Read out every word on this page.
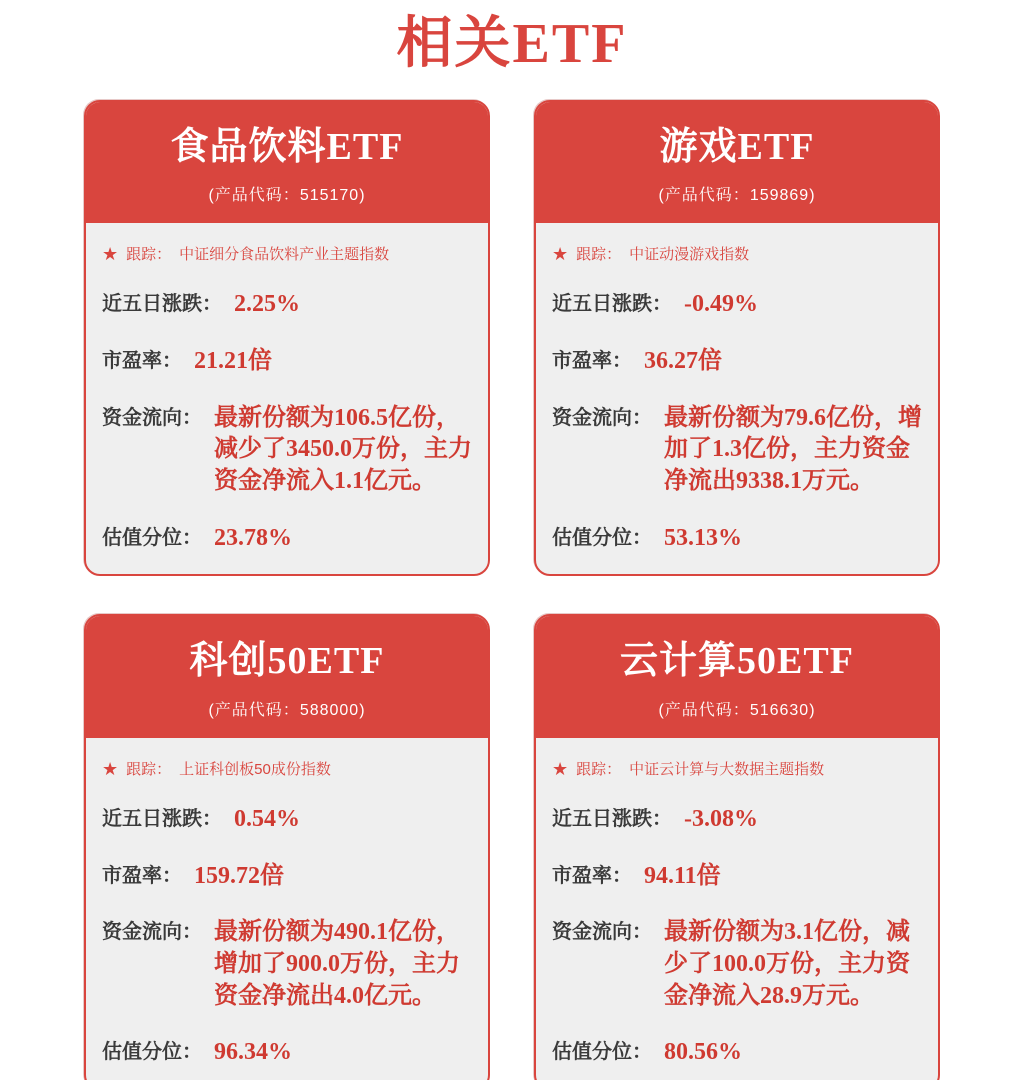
相关ETF
食品饮料ETF
(产品代码：515170)
★ 跟踪： 中证细分食品饮料产业主题指数
近五日涨跌： 2.25%
市盈率： 21.21倍
资金流向： 最新份额为106.5亿份，减少了3450.0万份，主力资金净流入1.1亿元。
估值分位： 23.78%
游戏ETF
(产品代码：159869)
★ 跟踪： 中证动漫游戏指数
近五日涨跌： -0.49%
市盈率： 36.27倍
资金流向： 最新份额为79.6亿份，增加了1.3亿份，主力资金净流出9338.1万元。
估值分位： 53.13%
科创50ETF
(产品代码：588000)
★ 跟踪： 上证科创板50成份指数
近五日涨跌： 0.54%
市盈率： 159.72倍
资金流向： 最新份额为490.1亿份，增加了900.0万份，主力资金净流出4.0亿元。
估值分位： 96.34%
云计算50ETF
(产品代码：516630)
★ 跟踪： 中证云计算与大数据主题指数
近五日涨跌： -3.08%
市盈率： 94.11倍
资金流向： 最新份额为3.1亿份，减少了100.0万份，主力资金净流入28.9万元。
估值分位： 80.56%
